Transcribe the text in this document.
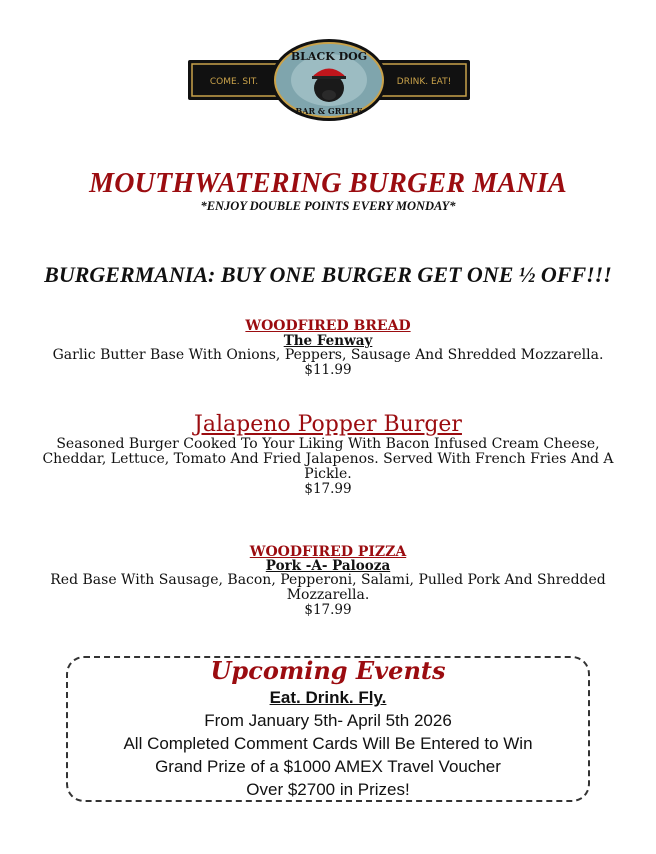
BLACK DOG
BAR & GRILLE
COME. SIT.	DRINK. EAT!
MOUTHWATERING BURGER MANIA
*ENJOY DOUBLE POINTS EVERY MONDAY*
BURGERMANIA: BUY ONE BURGER GET ONE ½ OFF!!!
WOODFIRED BREAD
The Fenway
Garlic Butter Base With Onions, Peppers, Sausage And Shredded Mozzarella.
$11.99
Jalapeno Popper Burger
Seasoned Burger Cooked To Your Liking With Bacon Infused Cream Cheese, Cheddar, Lettuce, Tomato And Fried Jalapenos. Served With French Fries And A Pickle.
$17.99
WOODFIRED PIZZA
Pork -A- Palooza
Red Base With Sausage, Bacon, Pepperoni, Salami, Pulled Pork And Shredded Mozzarella.
$17.99
Upcoming Events
Eat. Drink. Fly.
From January 5th- April 5th 2026
All Completed Comment Cards Will Be Entered to Win
Grand Prize of a $1000 AMEX Travel Voucher
Over $2700 in Prizes!
